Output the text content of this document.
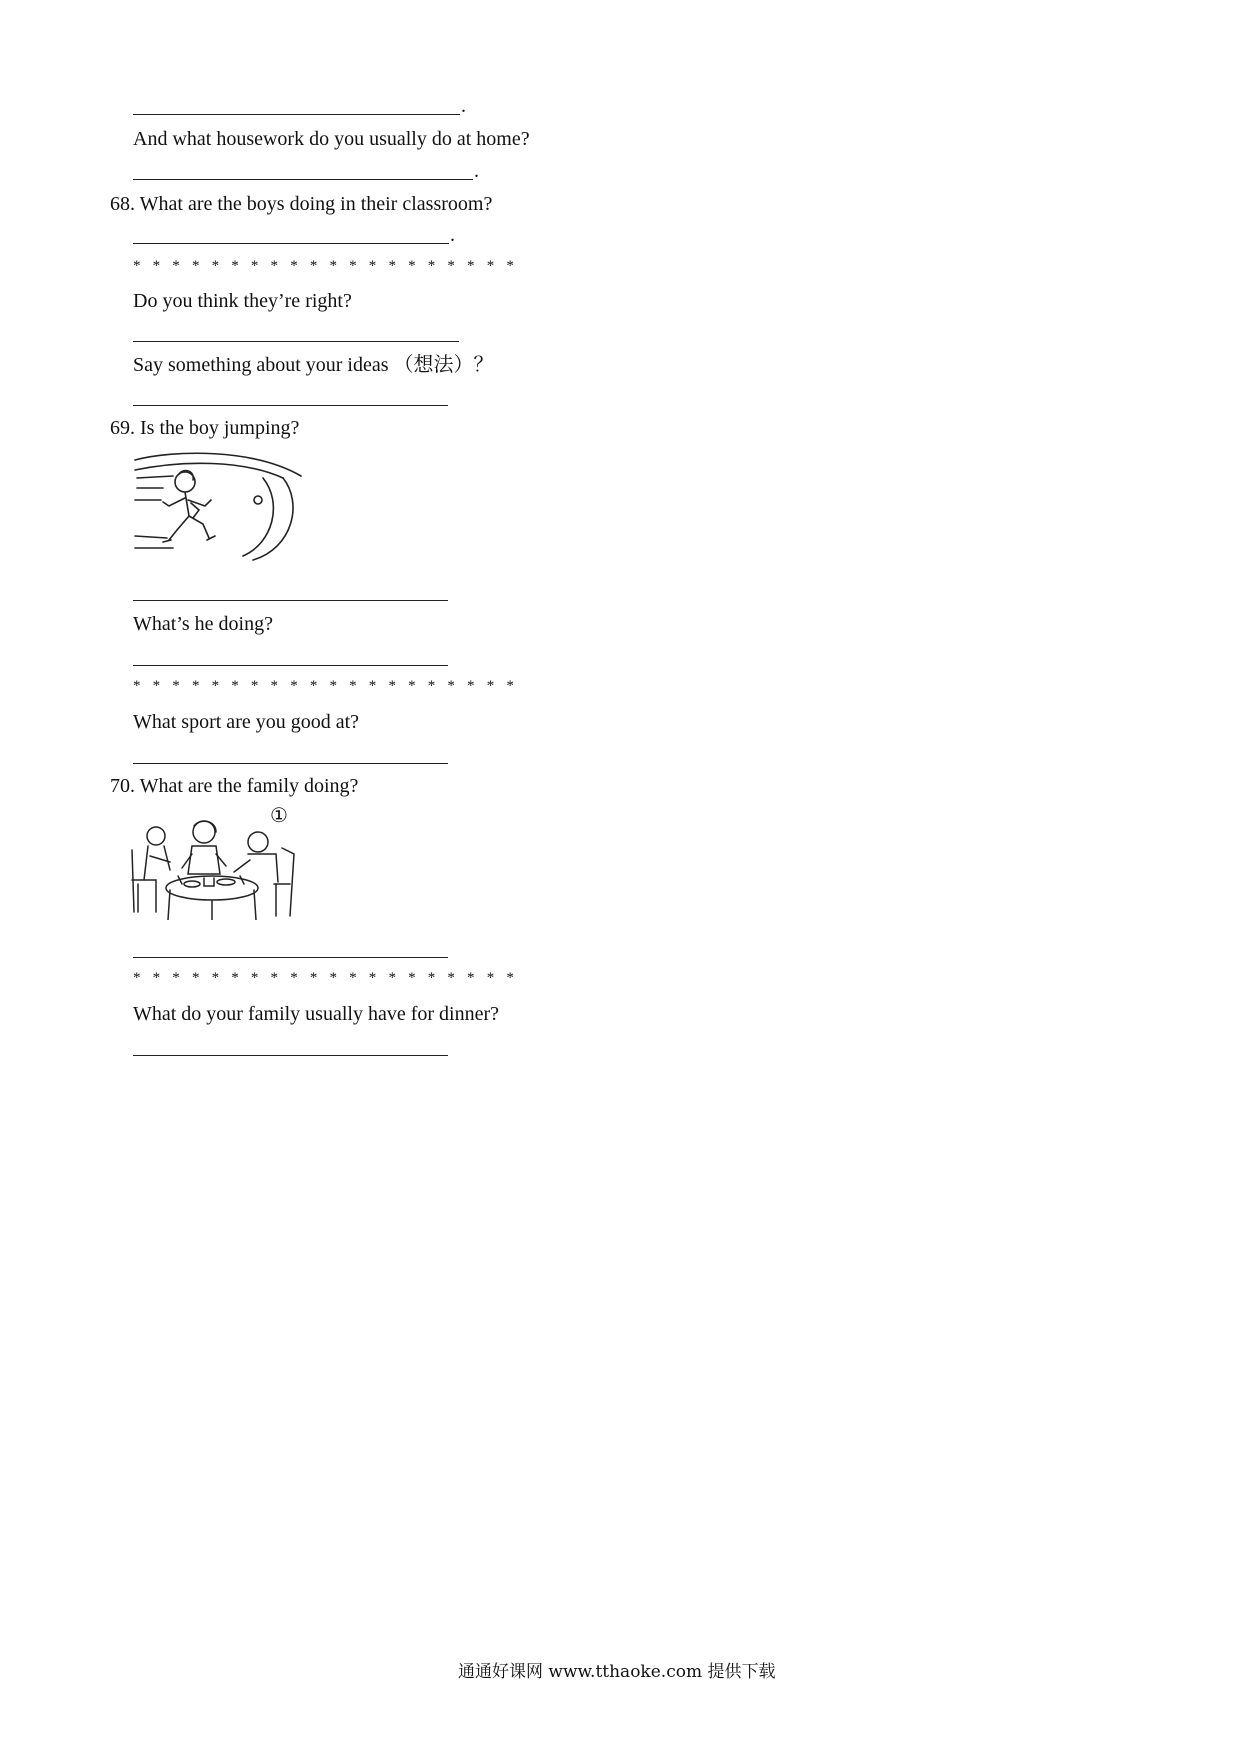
.
And what housework do you usually do at home?
.
68. What are the boys doing in their classroom?
.
* * * * * * * * * * * * * * * * * * * *
Do you think they’re right?
Say something about your ideas （想法）？
69. Is the boy jumping?
What’s he doing?
* * * * * * * * * * * * * * * * * * * *
What sport are you good at?
70. What are the family doing?
①
* * * * * * * * * * * * * * * * * * * *
What do your family usually have for dinner?
通通好课网 www.tthaoke.com 提供下载
